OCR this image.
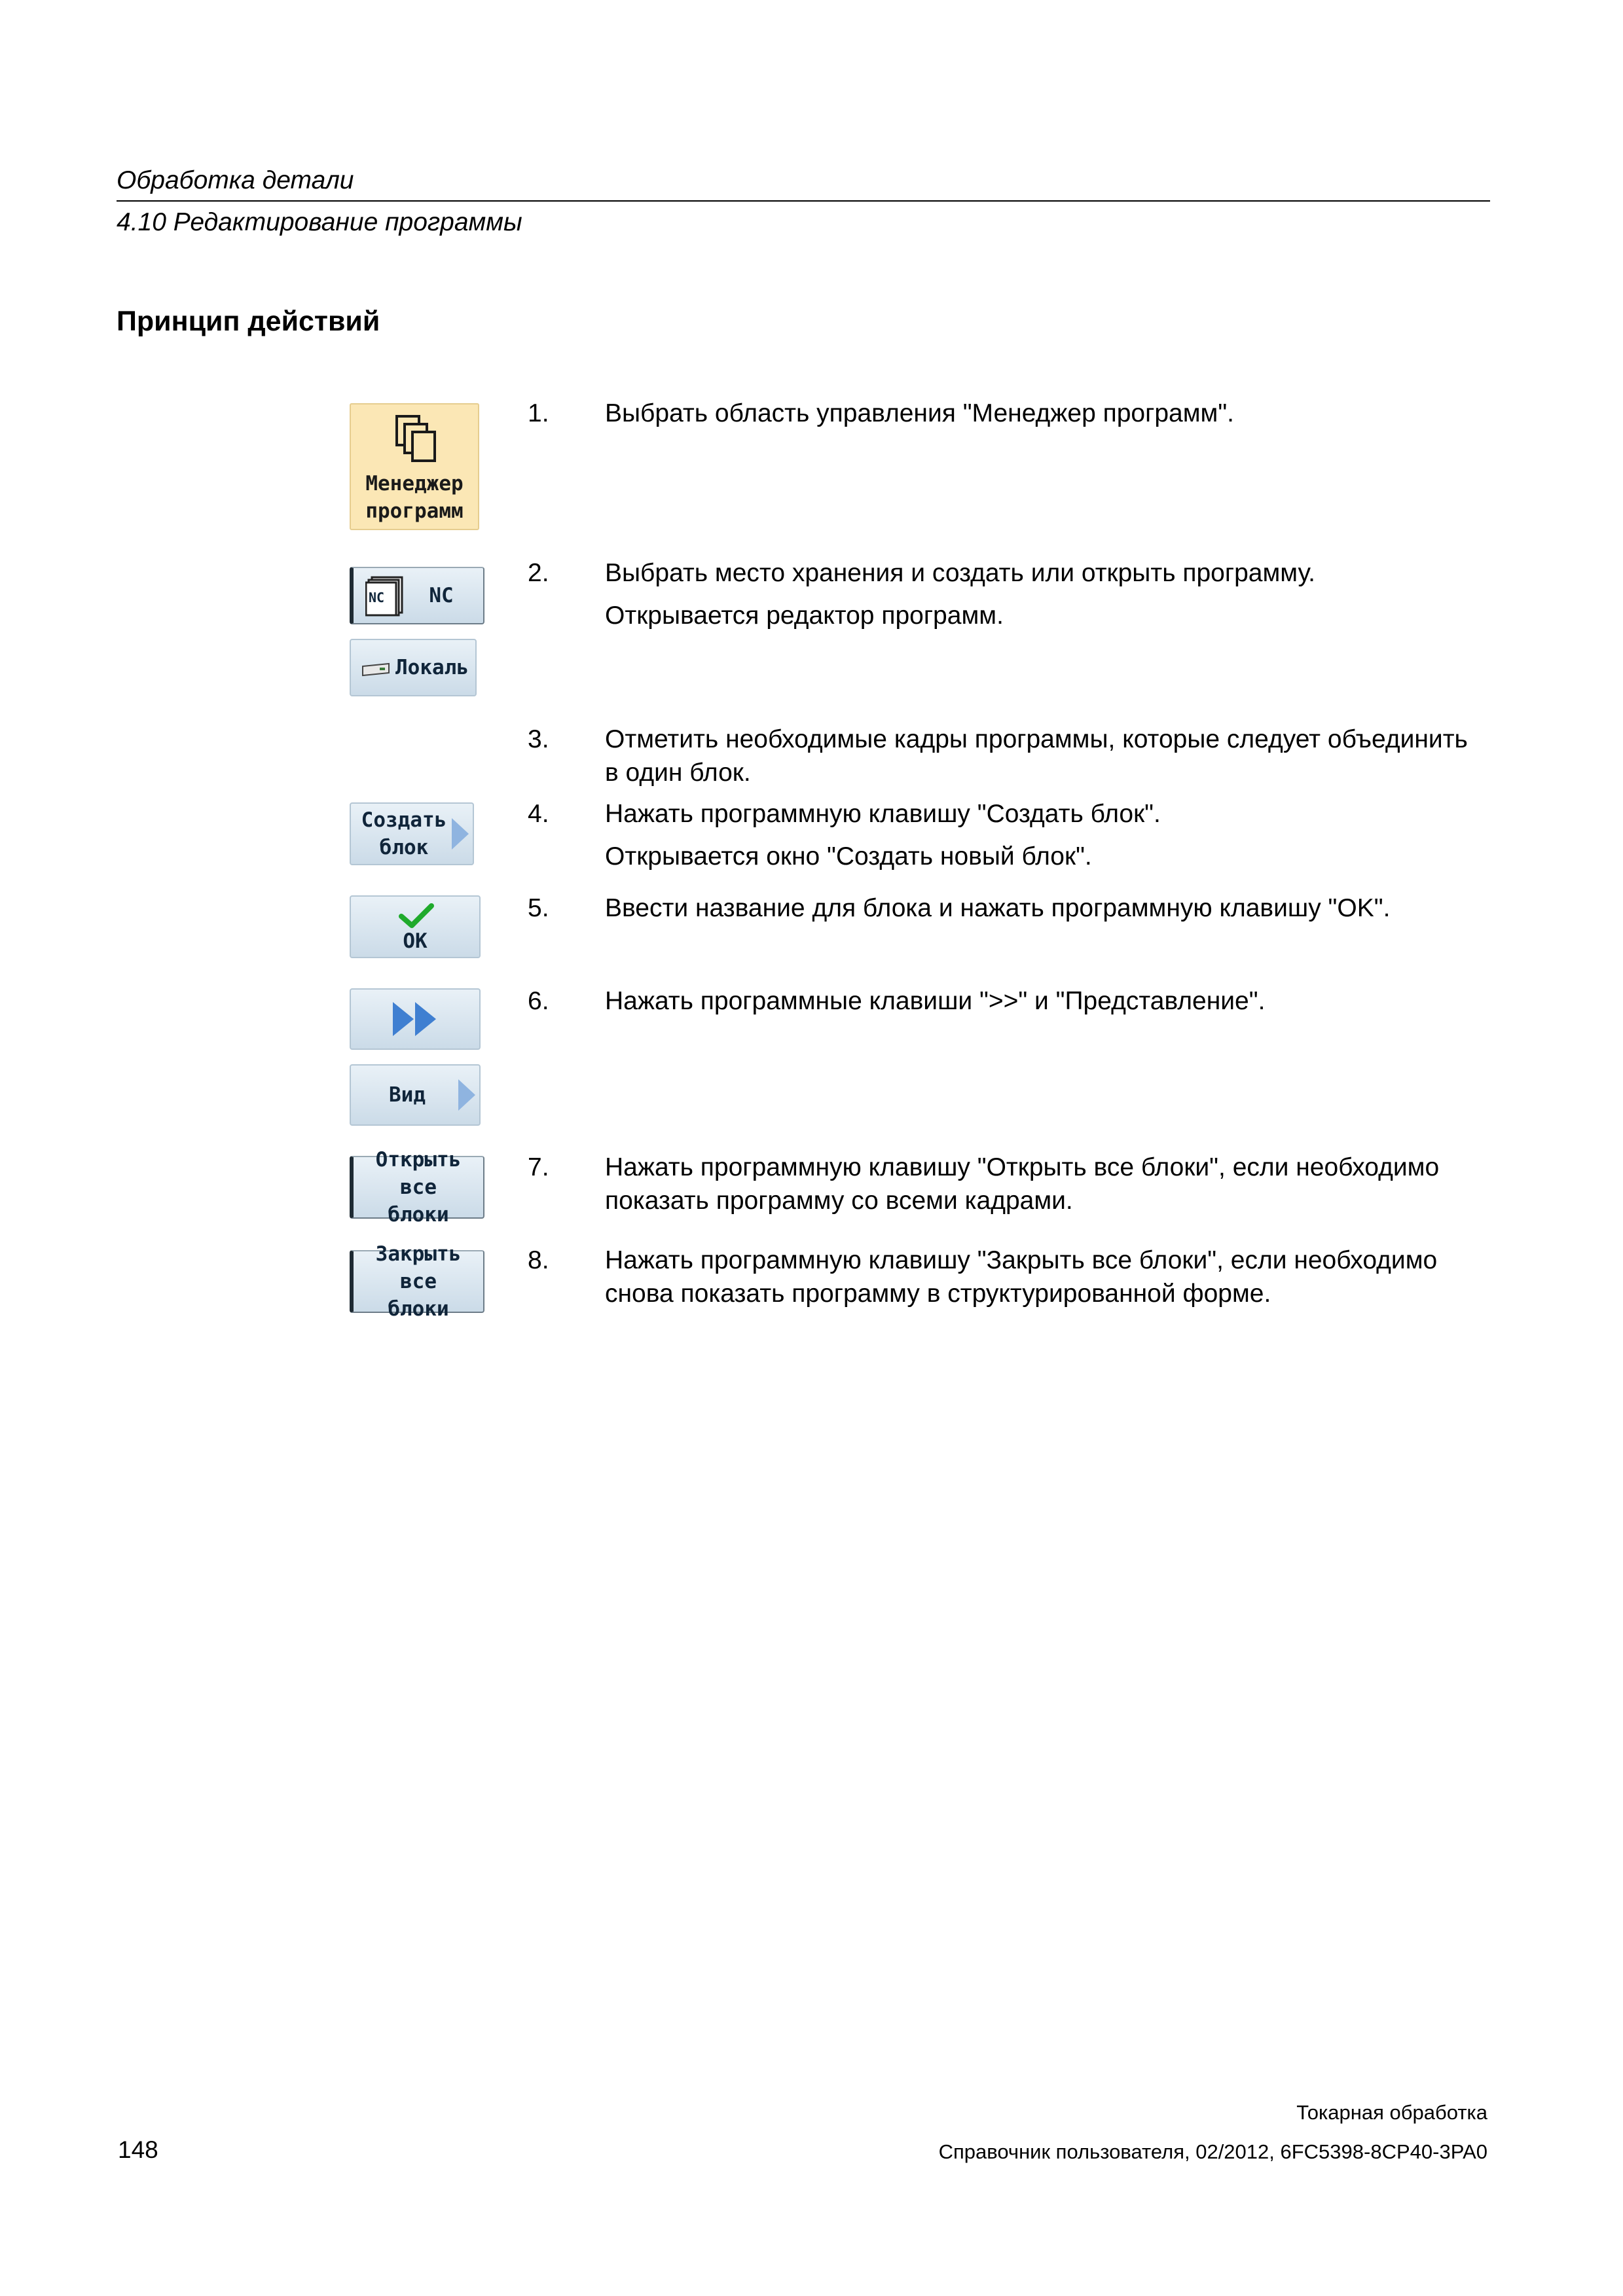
Обработка детали
4.10 Редактирование программы
Принцип действий
Менеджер
программ
NC NC
Локаль
Создать
блок
ОК
Вид
Открыть все
блоки
Закрыть все
блоки
1. Выбрать область управления "Менеджер программ".

2. Выбрать место хранения и создать или открыть программу.

Открывается редактор программ.

3. Отметить необходимые кадры программы, которые следует объединить в один блок.

4. Нажать программную клавишу "Создать блок".

Открывается окно "Создать новый блок".

5. Ввести название для блока и нажать программную клавишу "OK".

6. Нажать программные клавиши ">>" и "Представление".

7. Нажать программную клавишу "Открыть все блоки", если необходимо показать программу со всеми кадрами.

8. Нажать программную клавишу "Закрыть все блоки", если необходимо снова показать программу в структурированной форме.

Токарная обработка
148	Справочник пользователя, 02/2012, 6FC5398-8CP40-3PA0
